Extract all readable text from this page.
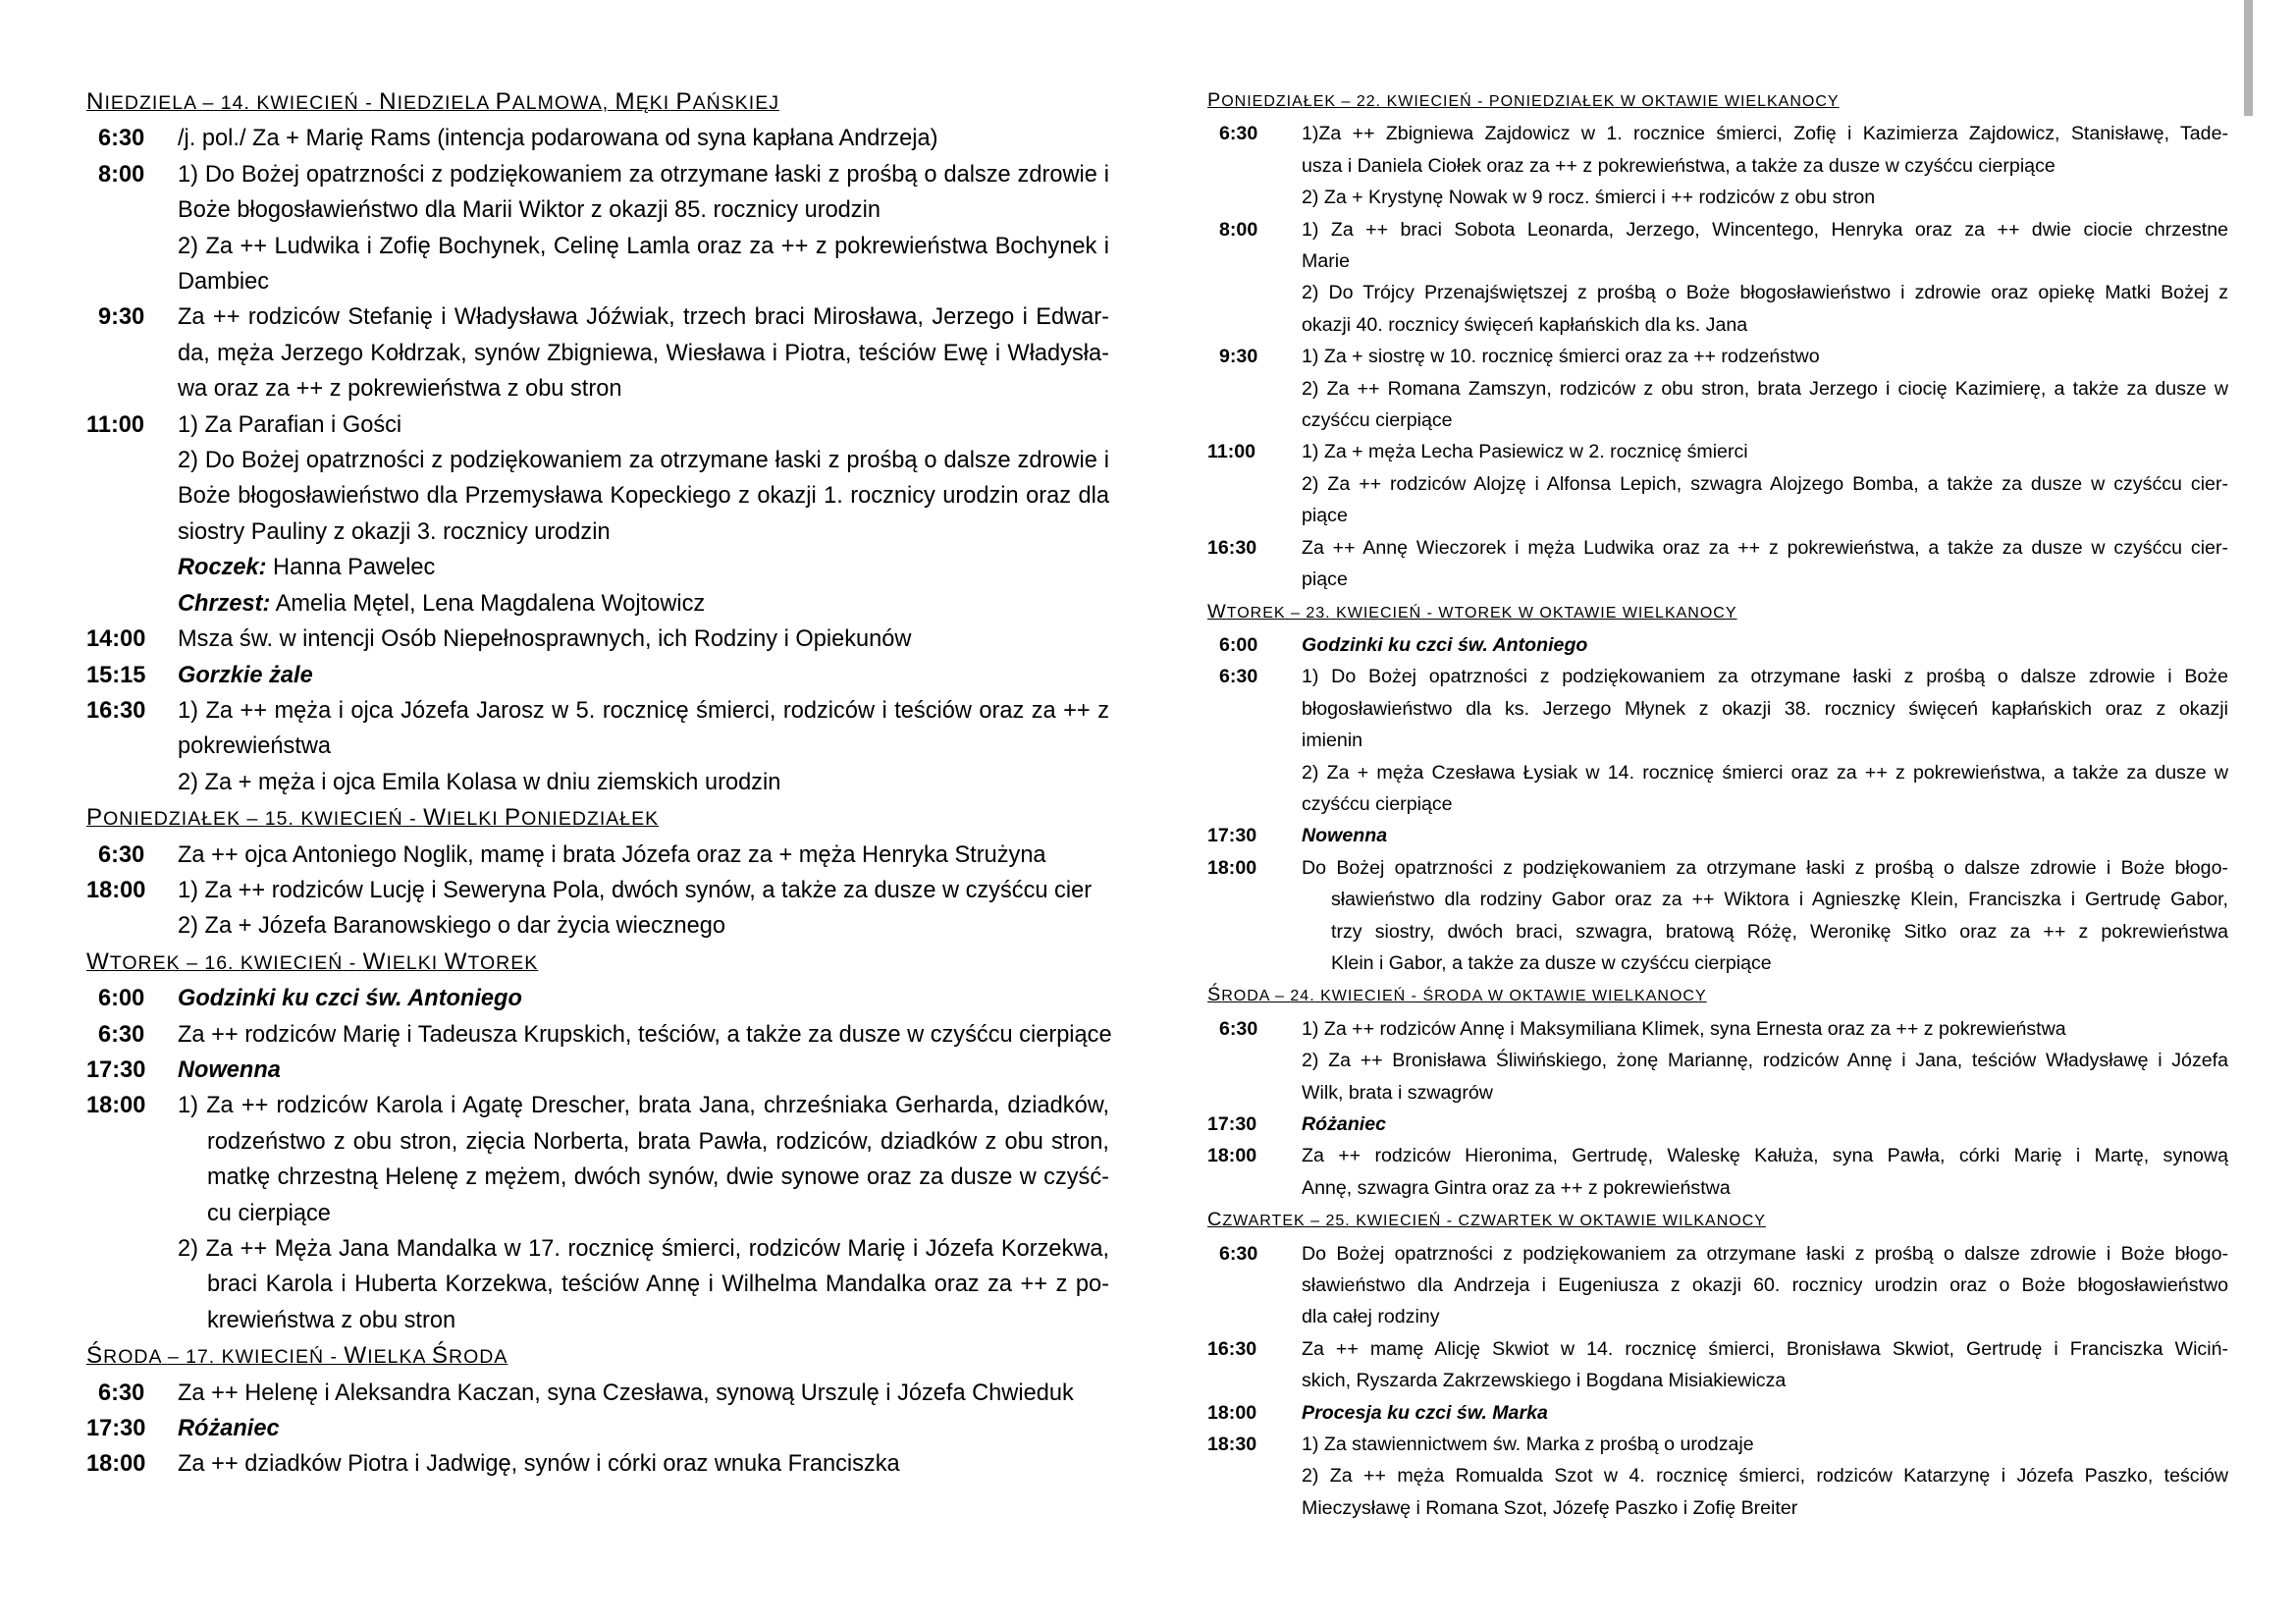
NIEDZIELA – 14. KWIECIEŃ - NIEDZIELA PALMOWA, MĘKI PAŃSKIEJ
6:30	/j. pol./ Za + Marię Rams (intencja podarowana od syna kapłana Andrzeja)
8:00	1) Do Bożej opatrzności z podziękowaniem za otrzymane łaski z prośbą o dalsze zdrowie i
Boże błogosławieństwo dla Marii Wiktor z okazji 85. rocznicy urodzin
2) Za ++ Ludwika i Zofię Bochynek, Celinę Lamla oraz za ++ z pokrewieństwa Bochynek i
Dambiec
9:30	Za ++ rodziców Stefanię i Władysława Jóźwiak, trzech braci Mirosława, Jerzego i Edwar-
da, męża Jerzego Kołdrzak, synów Zbigniewa, Wiesława i Piotra, teściów Ewę i Władysła-
wa oraz za ++ z pokrewieństwa z obu stron
11:00	1) Za Parafian i Gości
2) Do Bożej opatrzności z podziękowaniem za otrzymane łaski z prośbą o dalsze zdrowie i
Boże błogosławieństwo dla Przemysława Kopeckiego z okazji 1. rocznicy urodzin oraz dla
siostry Pauliny z okazji 3. rocznicy urodzin
Roczek: Hanna Pawelec
Chrzest: Amelia Mętel, Lena Magdalena Wojtowicz
14:00	Msza św. w intencji Osób Niepełnosprawnych, ich Rodziny i Opiekunów
15:15	Gorzkie żale
16:30	1) Za ++ męża i ojca Józefa Jarosz w 5. rocznicę śmierci, rodziców i teściów oraz za ++ z
pokrewieństwa
2) Za + męża i ojca Emila Kolasa w dniu ziemskich urodzin
PONIEDZIAŁEK – 15. KWIECIEŃ - WIELKI PONIEDZIAŁEK
6:30	Za ++ ojca Antoniego Noglik, mamę i brata Józefa oraz za + męża Henryka Strużyna
18:00	1) Za ++ rodziców Lucję i Seweryna Pola, dwóch synów, a także za dusze w czyśćcu cier
2) Za + Józefa Baranowskiego o dar życia wiecznego
WTOREK – 16. KWIECIEŃ - WIELKI WTOREK
6:00	Godzinki ku czci św. Antoniego
6:30	Za ++ rodziców Marię i Tadeusza Krupskich, teściów, a także za dusze w czyśćcu cierpiące
17:30	Nowenna
18:00	1) Za ++ rodziców Karola i Agatę Drescher, brata Jana, chrześniaka Gerharda, dziadków,
rodzeństwo z obu stron, zięcia Norberta, brata Pawła, rodziców, dziadków z obu stron,
matkę chrzestną Helenę z mężem, dwóch synów, dwie synowe oraz za dusze w czyść-
cu cierpiące
2) Za ++ Męża Jana Mandalka w 17. rocznicę śmierci, rodziców Marię i Józefa Korzekwa,
braci Karola i Huberta Korzekwa, teściów Annę i Wilhelma Mandalka oraz za ++ z po-
krewieństwa z obu stron
ŚRODA – 17. KWIECIEŃ - WIELKA ŚRODA
6:30	Za ++ Helenę i Aleksandra Kaczan, syna Czesława, synową Urszulę i Józefa Chwieduk
17:30	Różaniec
18:00	Za ++ dziadków Piotra i Jadwigę, synów i córki oraz wnuka Franciszka
PONIEDZIAŁEK – 22. KWIECIEŃ - PONIEDZIAŁEK W OKTAWIE WIELKANOCY
6:30	1)Za ++ Zbigniewa Zajdowicz w 1. rocznice śmierci, Zofię i Kazimierza Zajdowicz, Stanisławę, Tade-
usza i Daniela Ciołek oraz za ++ z pokrewieństwa, a także za dusze w czyśćcu cierpiące
2) Za + Krystynę Nowak w 9 rocz. śmierci i ++ rodziców z obu stron
8:00	1) Za ++ braci Sobota Leonarda, Jerzego, Wincentego, Henryka oraz za ++ dwie ciocie chrzestne
Marie
2) Do Trójcy Przenajświętszej z prośbą o Boże błogosławieństwo i zdrowie oraz opiekę Matki Bożej z
okazji 40. rocznicy święceń kapłańskich dla ks. Jana
9:30	1) Za + siostrę w 10. rocznicę śmierci oraz za ++ rodzeństwo
2) Za ++ Romana Zamszyn, rodziców z obu stron, brata Jerzego i ciocię Kazimierę, a także za dusze w
czyśćcu cierpiące
11:00	1) Za + męża Lecha Pasiewicz w 2. rocznicę śmierci
2) Za ++ rodziców Alojzę i Alfonsa Lepich, szwagra Alojzego Bomba, a także za dusze w czyśćcu cier-
piące
16:30	Za ++ Annę Wieczorek i męża Ludwika oraz za ++ z pokrewieństwa, a także za dusze w czyśćcu cier-
piące
WTOREK – 23. KWIECIEŃ - WTOREK W OKTAWIE WIELKANOCY
6:00	Godzinki ku czci św. Antoniego
6:30	1) Do Bożej opatrzności z podziękowaniem za otrzymane łaski z prośbą o dalsze zdrowie i Boże
błogosławieństwo dla ks. Jerzego Młynek z okazji 38. rocznicy święceń kapłańskich oraz z okazji
imienin
2) Za + męża Czesława Łysiak w 14. rocznicę śmierci oraz za ++ z pokrewieństwa, a także za dusze w
czyśćcu cierpiące
17:30	Nowenna
18:00	Do Bożej opatrzności z podziękowaniem za otrzymane łaski z prośbą o dalsze zdrowie i Boże błogo-
sławieństwo dla rodziny Gabor oraz za ++ Wiktora i Agnieszkę Klein, Franciszka i Gertrudę Gabor,
trzy siostry, dwóch braci, szwagra, bratową Różę, Weronikę Sitko oraz za ++ z pokrewieństwa
Klein i Gabor, a także za dusze w czyśćcu cierpiące
ŚRODA – 24. KWIECIEŃ - ŚRODA W OKTAWIE WIELKANOCY
6:30	1) Za ++ rodziców Annę i Maksymiliana Klimek, syna Ernesta oraz za ++ z pokrewieństwa
2) Za ++ Bronisława Śliwińskiego, żonę Mariannę, rodziców Annę i Jana, teściów Władysławę i Józefa
Wilk, brata i szwagrów
17:30	Różaniec
18:00	Za ++ rodziców Hieronima, Gertrudę, Waleskę Kałuża, syna Pawła, córki Marię i Martę, synową
Annę, szwagra Gintra oraz za ++ z pokrewieństwa
CZWARTEK – 25. KWIECIEŃ - CZWARTEK W OKTAWIE WILKANOCY
6:30	Do Bożej opatrzności z podziękowaniem za otrzymane łaski z prośbą o dalsze zdrowie i Boże błogo-
sławieństwo dla Andrzeja i Eugeniusza z okazji 60. rocznicy urodzin oraz o Boże błogosławieństwo
dla całej rodziny
16:30	Za ++ mamę Alicję Skwiot w 14. rocznicę śmierci, Bronisława Skwiot, Gertrudę i Franciszka Wiciń-
skich, Ryszarda Zakrzewskiego i Bogdana Misiakiewicza
18:00	Procesja ku czci św. Marka
18:30	1) Za stawiennictwem św. Marka z prośbą o urodzaje
2) Za ++ męża Romualda Szot w 4. rocznicę śmierci, rodziców Katarzynę i Józefa Paszko, teściów
Mieczysławę i Romana Szot, Józefę Paszko i Zofię Breiter
